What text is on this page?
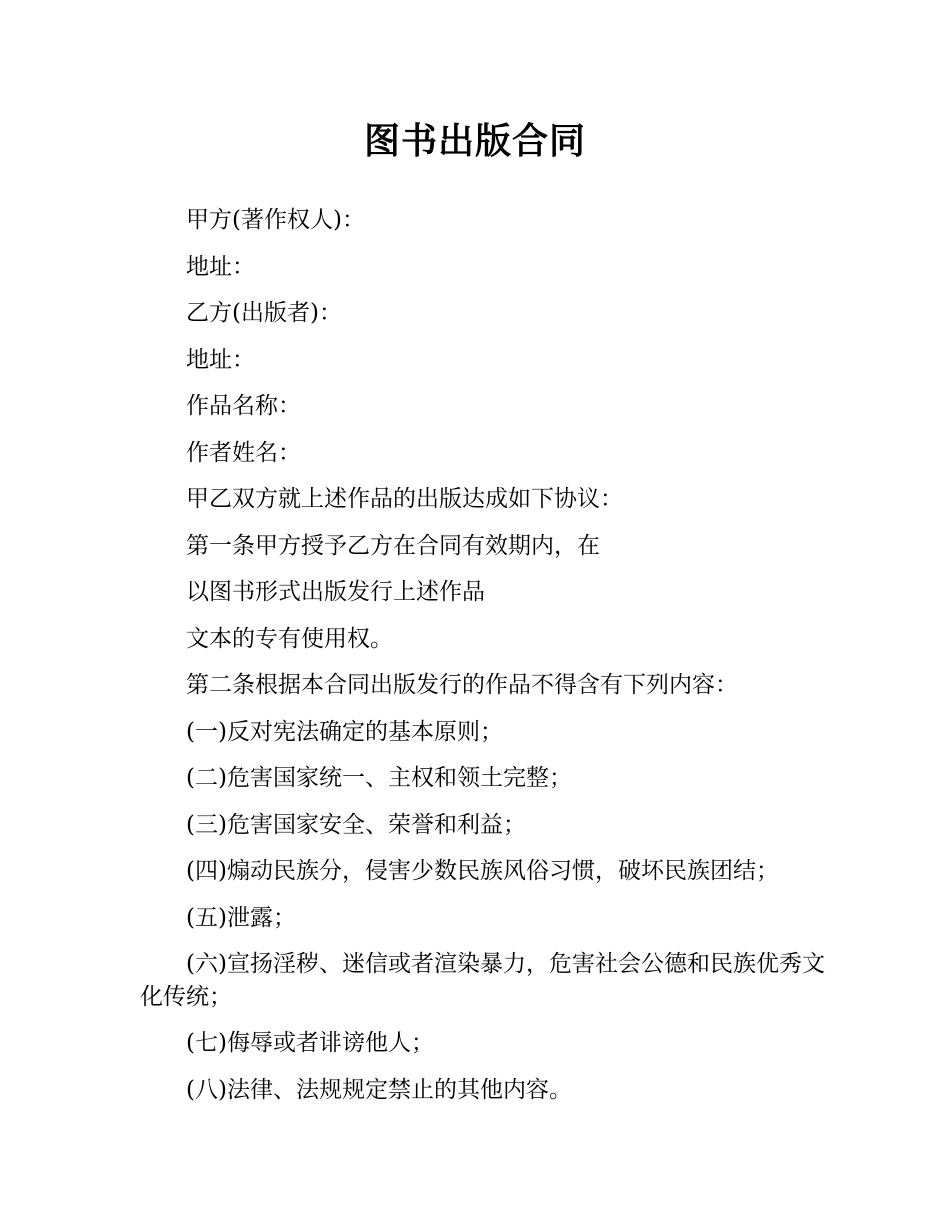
图书出版合同

甲方(著作权人)：

地址：

乙方(出版者)：

地址：

作品名称：

作者姓名：

甲乙双方就上述作品的出版达成如下协议：

第一条甲方授予乙方在合同有效期内，在

以图书形式出版发行上述作品

文本的专有使用权。

第二条根据本合同出版发行的作品不得含有下列内容：

(一)反对宪法确定的基本原则；

(二)危害国家统一、主权和领土完整；

(三)危害国家安全、荣誉和利益；

(四)煽动民族分，侵害少数民族风俗习惯，破坏民族团结；

(五)泄露；

(六)宣扬淫秽、迷信或者渲染暴力，危害社会公德和民族优秀文化传统；

(七)侮辱或者诽谤他人；

(八)法律、法规规定禁止的其他内容。
